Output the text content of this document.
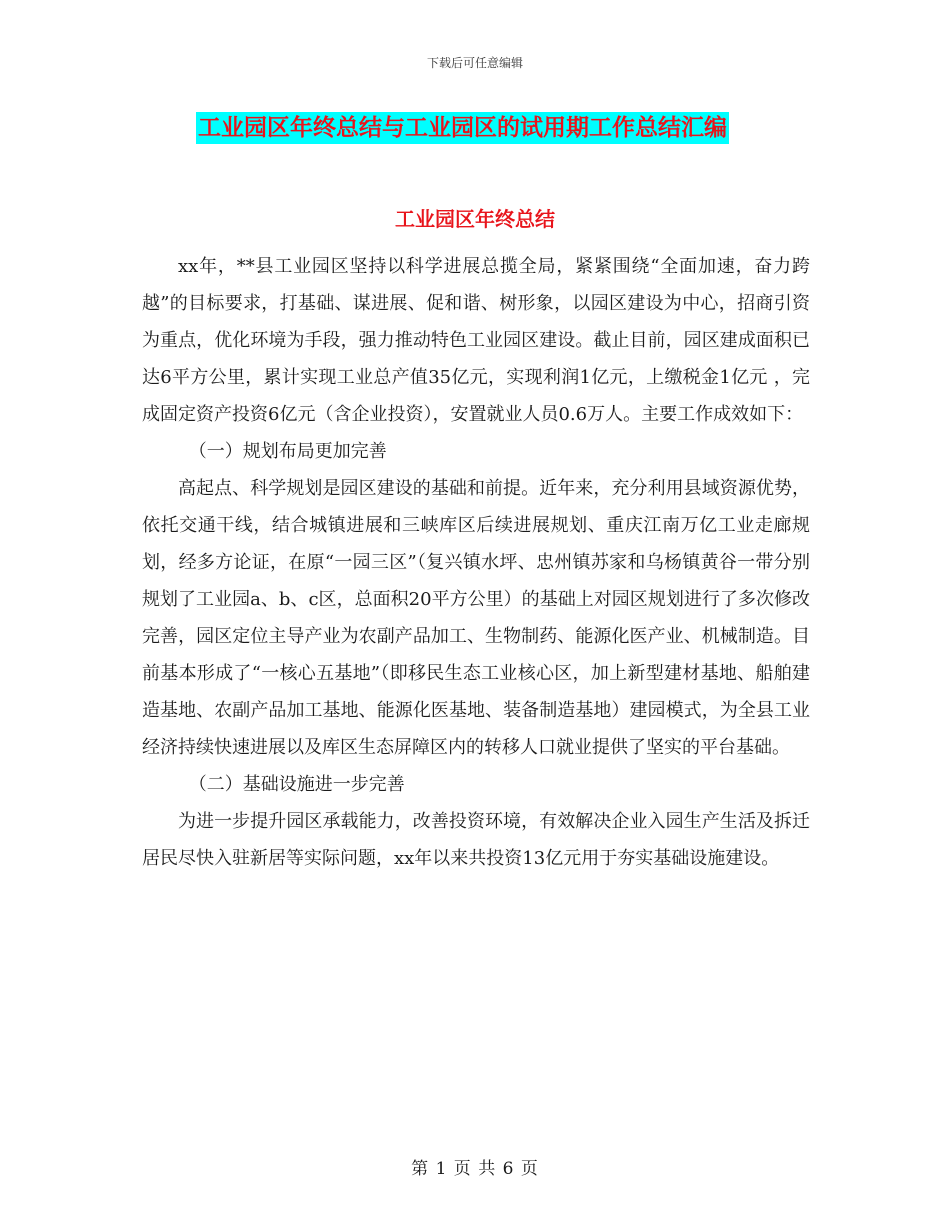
下载后可任意编辑
工业园区年终总结与工业园区的试用期工作总结汇编
工业园区年终总结

xx年，**县工业园区坚持以科学进展总揽全局，紧紧围绕“全面加速，奋力跨越”的目标要求，打基础、谋进展、促和谐、树形象，以园区建设为中心，招商引资为重点，优化环境为手段，强力推动特色工业园区建设。截止目前，园区建成面积已达6平方公里，累计实现工业总产值35亿元，实现利润1亿元，上缴税金1亿元 ，完成固定资产投资6亿元（含企业投资），安置就业人员0.6万人。主要工作成效如下：

（一）规划布局更加完善

高起点、科学规划是园区建设的基础和前提。近年来，充分利用县域资源优势，依托交通干线，结合城镇进展和三峡库区后续进展规划、重庆江南万亿工业走廊规划，经多方论证，在原“一园三区”（复兴镇水坪、忠州镇苏家和乌杨镇黄谷一带分别规划了工业园a、b、c区，总面积20平方公里）的基础上对园区规划进行了多次修改完善，园区定位主导产业为农副产品加工、生物制药、能源化医产业、机械制造。目前基本形成了“一核心五基地”（即移民生态工业核心区，加上新型建材基地、船舶建造基地、农副产品加工基地、能源化医基地、装备制造基地）建园模式，为全县工业经济持续快速进展以及库区生态屏障区内的转移人口就业提供了坚实的平台基础。

（二）基础设施进一步完善

为进一步提升园区承载能力，改善投资环境，有效解决企业入园生产生活及拆迁居民尽快入驻新居等实际问题，xx年以来共投资13亿元用于夯实基础设施建设。

第 1 页 共 6 页
